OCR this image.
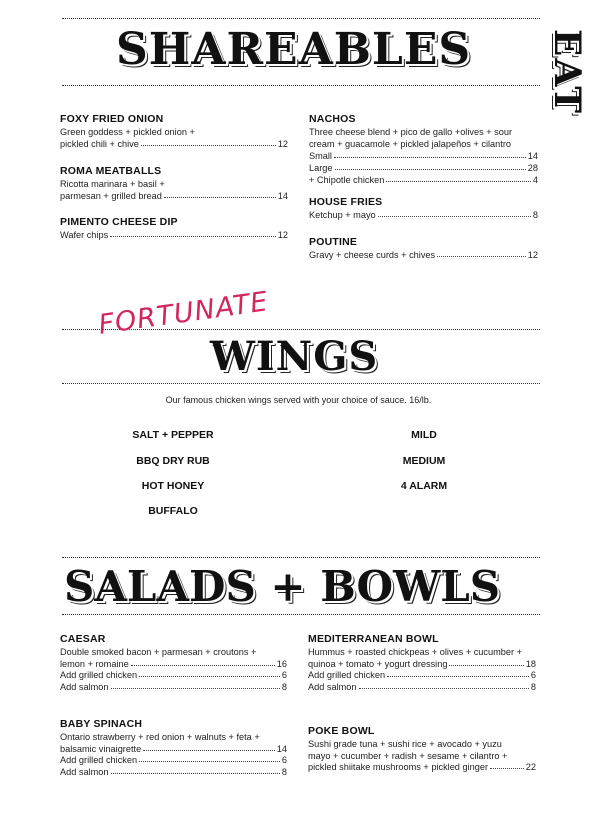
EAT
SHAREABLES
FOXY FRIED ONION
Green goddess + pickled onion +
pickled chili + chive	12
ROMA MEATBALLS
Ricotta marinara + basil +
parmesan + grilled bread	14
PIMENTO CHEESE DIP
Wafer chips	12
NACHOS
Three cheese blend + pico de gallo +olives + sour
cream + guacamole + pickled jalapeños + cilantro
Small	14
Large	28
+ Chipotle chicken	4
HOUSE FRIES
Ketchup + mayo	8
POUTINE
Gravy + cheese curds + chives	12
WINGS
FORTUNATE
Our famous chicken wings served with your choice of sauce. 16/lb.
SALT + PEPPER
BBQ DRY RUB
HOT HONEY
BUFFALO
MILD
MEDIUM
4 ALARM
SALADS + BOWLS
CAESAR
Double smoked bacon + parmesan + croutons +
lemon + romaine	16
Add grilled chicken	6
Add salmon	8
BABY SPINACH
Ontario strawberry + red onion + walnuts + feta +
balsamic vinaigrette	14
Add grilled chicken	6
Add salmon	8
MEDITERRANEAN BOWL
Hummus + roasted chickpeas + olives + cucumber +
quinoa + tomato + yogurt dressing	18
Add grilled chicken	6
Add salmon	8
POKE BOWL
Sushi grade tuna + sushi rice + avocado + yuzu
mayo + cucumber + radish + sesame + cilantro +
pickled shiitake mushrooms + pickled ginger	22
